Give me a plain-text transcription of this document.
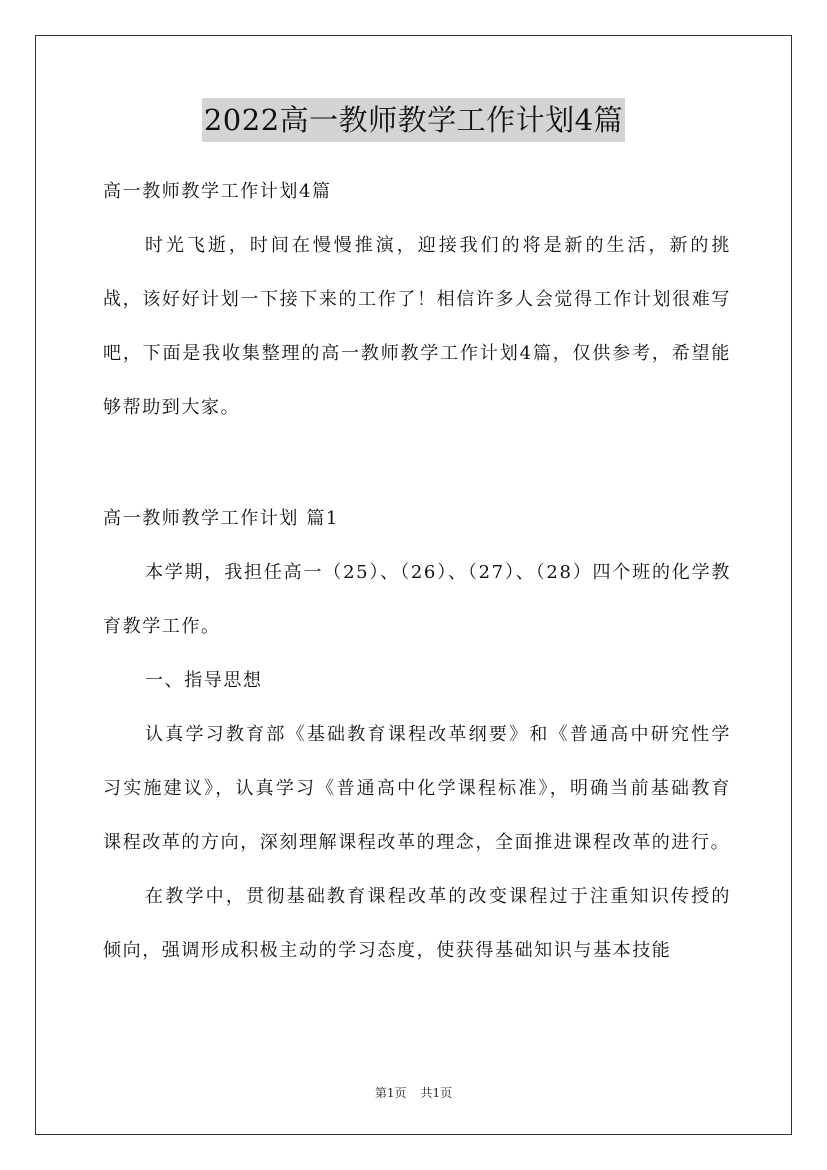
2022高一教师教学工作计划4篇

高一教师教学工作计划4篇

时光飞逝，时间在慢慢推演，迎接我们的将是新的生活，新的挑战，该好好计划一下接下来的工作了！相信许多人会觉得工作计划很难写吧，下面是我收集整理的高一教师教学工作计划4篇，仅供参考，希望能够帮助到大家。

高一教师教学工作计划 篇1

本学期，我担任高一（25）、（26）、（27）、（28）四个班的化学教育教学工作。

一、指导思想

认真学习教育部《基础教育课程改革纲要》和《普通高中研究性学习实施建议》，认真学习《普通高中化学课程标准》，明确当前基础教育课程改革的方向，深刻理解课程改革的理念，全面推进课程改革的进行。

在教学中，贯彻基础教育课程改革的改变课程过于注重知识传授的倾向，强调形成积极主动的学习态度，使获得基础知识与基本技能

第1页 共1页
